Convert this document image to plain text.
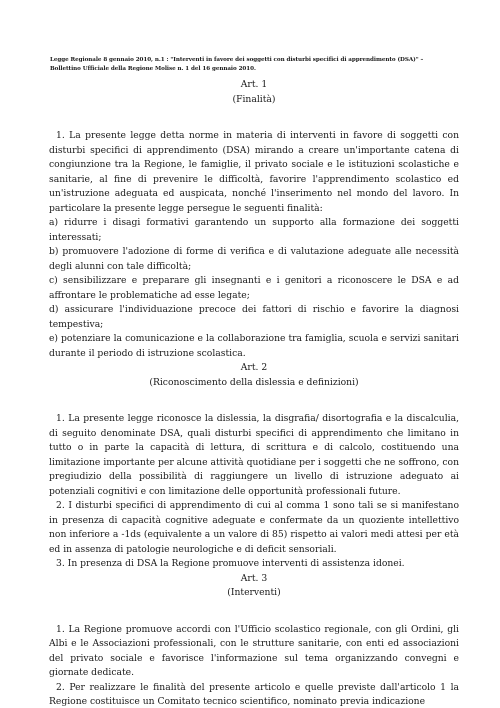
Legge Regionale 8 gennaio 2010, n.1 : "Interventi in favore dei soggetti con disturbi specifici di apprendimento (DSA)" –
Bollettino Ufficiale della Regione Molise n. 1 del 16 gennaio 2010.
Art. 1
(Finalità)

1. La presente legge detta norme in materia di interventi in favore di soggetti con disturbi specifici di apprendimento (DSA) mirando a creare un'importante catena di congiunzione tra la Regione, le famiglie, il privato sociale e le istituzioni scolastiche e sanitarie, al fine di prevenire le difficoltà, favorire l'apprendimento scolastico ed un'istruzione adeguata ed auspicata, nonché l'inserimento nel mondo del lavoro. In particolare la presente legge persegue le seguenti finalità:

a) ridurre i disagi formativi garantendo un supporto alla formazione dei soggetti interessati;

b) promuovere l'adozione di forme di verifica e di valutazione adeguate alle necessità degli alunni con tale difficoltà;

c) sensibilizzare e preparare gli insegnanti e i genitori a riconoscere le DSA e ad affrontare le problematiche ad esse legate;

d) assicurare l'individuazione precoce dei fattori di rischio e favorire la diagnosi tempestiva;

e) potenziare la comunicazione e la collaborazione tra famiglia, scuola e servizi sanitari durante il periodo di istruzione scolastica.

Art. 2
(Riconoscimento della dislessia e definizioni)

1. La presente legge riconosce la dislessia, la disgrafia/ disortografia e la discalculia, di seguito denominate DSA, quali disturbi specifici di apprendimento che limitano in tutto o in parte la capacità di lettura, di scrittura e di calcolo, costituendo una limitazione importante per alcune attività quotidiane per i soggetti che ne soffrono, con pregiudizio della possibilità di raggiungere un livello di istruzione adeguato ai potenziali cognitivi e con limitazione delle opportunità professionali future.

2. I disturbi specifici di apprendimento di cui al comma 1 sono tali se si manifestano in presenza di capacità cognitive adeguate e confermate da un quoziente intellettivo non inferiore a -1ds (equivalente a un valore di 85) rispetto ai valori medi attesi per età ed in assenza di patologie neurologiche e di deficit sensoriali.

3. In presenza di DSA la Regione promuove interventi di assistenza idonei.

Art. 3
(Interventi)

1. La Regione promuove accordi con l'Ufficio scolastico regionale, con gli Ordini, gli Albi e le Associazioni professionali, con le strutture sanitarie, con enti ed associazioni del privato sociale e favorisce l'informazione sul tema organizzando convegni e giornate dedicate.

2. Per realizzare le finalità del presente articolo e quelle previste dall'articolo 1 la Regione costituisce un Comitato tecnico scientifico, nominato previa indicazione
